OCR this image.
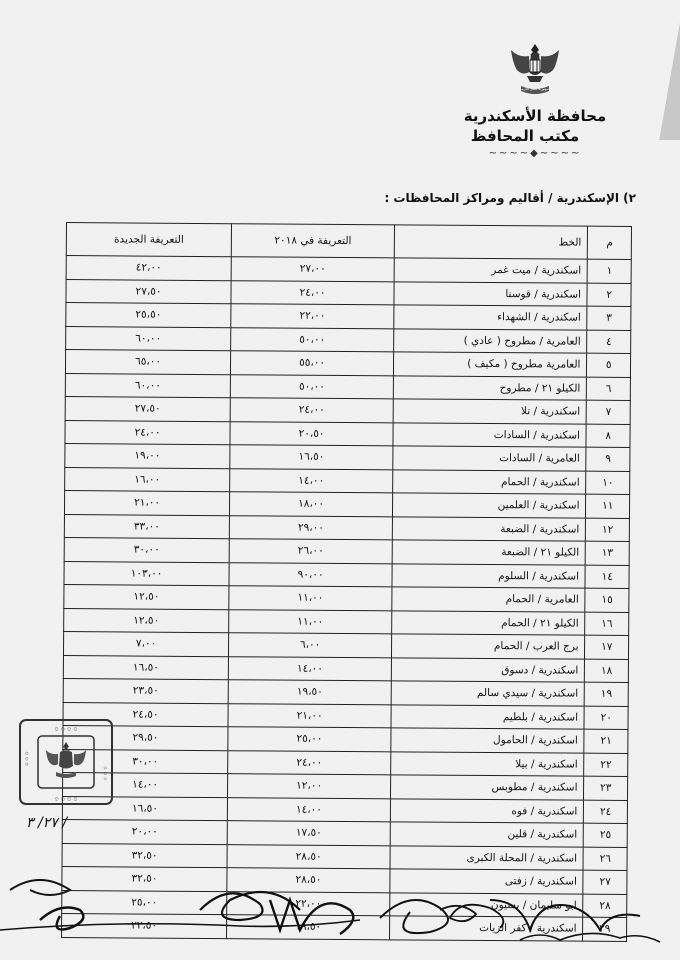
جمهورية مصر العربية
محافظة الأسكندرية
مكتب المحافظ
~~~~◆~~~~
٢) الإسكندرية / أقاليم ومراكز المحافظات :
م	الخط	التعريفة في ٢٠١٨	التعريفة الجديدة
١	اسكندرية / ميت غمر	٢٧،٠٠	٤٢،٠٠
٢	اسكندرية / قوسنا	٢٤،٠٠	٢٧،٥٠
٣	اسكندرية / الشهداء	٢٢،٠٠	٢٥،٥٠
٤	العامرية / مطروح ( عادي )	٥٠،٠٠	٦٠،٠٠
٥	العامرية مطروح ( مكيف )	٥٥،٠٠	٦٥،٠٠
٦	الكيلو ٢١ / مطروح	٥٠،٠٠	٦٠،٠٠
٧	اسكندرية / تلا	٢٤،٠٠	٢٧،٥٠
٨	اسكندرية / السادات	٢٠،٥٠	٢٤،٠٠
٩	العامرية / السادات	١٦،٥٠	١٩،٠٠
١٠	اسكندرية / الحمام	١٤،٠٠	١٦،٠٠
١١	اسكندرية / العلمين	١٨،٠٠	٢١،٠٠
١٢	اسكندرية / الضبعة	٢٩،٠٠	٣٣،٠٠
١٣	الكيلو ٢١ / الضبعة	٢٦،٠٠	٣٠،٠٠
١٤	اسكندرية / السلوم	٩٠،٠٠	١٠٣،٠٠
١٥	العامرية / الحمام	١١،٠٠	١٢،٥٠
١٦	الكيلو ٢١ / الحمام	١١،٠٠	١٢،٥٠
١٧	برج العرب / الحمام	٦،٠٠	٧،٠٠
١٨	اسكندرية / دسوق	١٤،٠٠	١٦،٥٠
١٩	اسكندرية / سيدي سالم	١٩،٥٠	٢٣،٥٠
٢٠	اسكندرية / بلطيم	٢١،٠٠	٢٤،٥٠
٢١	اسكندرية / الحامول	٢٥،٠٠	٢٩،٥٠
٢٢	اسكندرية / بيلا	٢٤،٠٠	٣٠،٠٠
٢٣	اسكندرية / مطوبس	١٢،٠٠	١٤،٠٠
٢٤	اسكندرية / فوه	١٤،٠٠	١٦،٥٠
٢٥	اسكندرية / قلين	١٧،٥٠	٢٠،٠٠
٢٦	اسكندرية / المحلة الكبرى	٢٨،٥٠	٣٢،٥٠
٢٧	اسكندرية / زفتى	٢٨،٥٠	٣٢،٥٠
٢٨	ابو سليمان / بسيون	٢٢،٠٠	٢٥،٠٠
٢٩	اسكندرية / كفر الزيات	١٩،٥٠	٢٢،٥٠
۞ ۞ ۞ ۞
۞ ۞ ۞ ۞
۞ ۞ ۞
۞ ۞ ۞
٢٧/ ٣ /
